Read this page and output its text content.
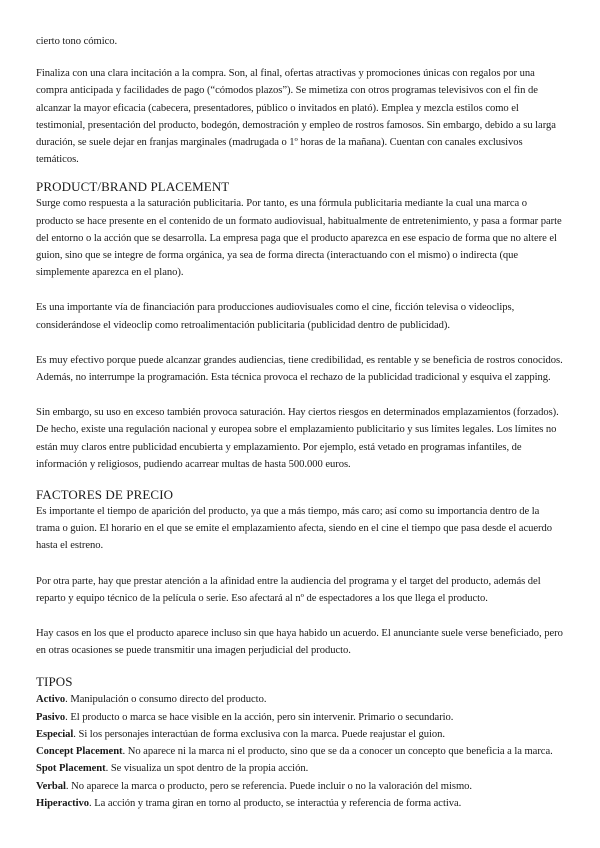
cierto tono cómico.

Finaliza con una clara incitación a la compra. Son, al final, ofertas atractivas y promociones únicas con regalos por una compra anticipada y facilidades de pago (“cómodos plazos”). Se mimetiza con otros programas televisivos con el fin de alcanzar la mayor eficacia (cabecera, presentadores, público o invitados en plató). Emplea y mezcla estilos como el testimonial, presentación del producto, bodegón, demostración y empleo de rostros famosos. Sin embargo, debido a su larga duración, se suele dejar en franjas marginales (madrugada o 1º horas de la mañana). Cuentan con canales exclusivos temáticos.

PRODUCT/BRAND PLACEMENT

Surge como respuesta a la saturación publicitaria. Por tanto, es una fórmula publicitaria mediante la cual una marca o producto se hace presente en el contenido de un formato audiovisual, habitualmente de entretenimiento, y pasa a formar parte del entorno o la acción que se desarrolla. La empresa paga que el producto aparezca en ese espacio de forma que no altere el guion, sino que se integre de forma orgánica, ya sea de forma directa (interactuando con el mismo) o indirecta (que simplemente aparezca en el plano).

Es una importante vía de financiación para producciones audiovisuales como el cine, ficción televisa o videoclips, considerándose el videoclip como retroalimentación publicitaria (publicidad dentro de publicidad).

Es muy efectivo porque puede alcanzar grandes audiencias, tiene credibilidad, es rentable y se beneficia de rostros conocidos. Además, no interrumpe la programación. Esta técnica provoca el rechazo de la publicidad tradicional y esquiva el zapping.

Sin embargo, su uso en exceso también provoca saturación. Hay ciertos riesgos en determinados emplazamientos (forzados). De hecho, existe una regulación nacional y europea sobre el emplazamiento publicitario y sus límites legales. Los límites no están muy claros entre publicidad encubierta y emplazamiento. Por ejemplo, está vetado en programas infantiles, de información y religiosos, pudiendo acarrear multas de hasta 500.000 euros.

FACTORES DE PRECIO

Es importante el tiempo de aparición del producto, ya que a más tiempo, más caro; así como su importancia dentro de la trama o guion. El horario en el que se emite el emplazamiento afecta, siendo en el cine el tiempo que pasa desde el acuerdo hasta el estreno.

Por otra parte, hay que prestar atención a la afinidad entre la audiencia del programa y el target del producto, además del reparto y equipo técnico de la película o serie. Eso afectará al nº de espectadores a los que llega el producto.

Hay casos en los que el producto aparece incluso sin que haya habido un acuerdo. El anunciante suele verse beneficiado, pero en otras ocasiones se puede transmitir una imagen perjudicial del producto.

TIPOS
Activo. Manipulación o consumo directo del producto.
Pasivo. El producto o marca se hace visible en la acción, pero sin intervenir. Primario o secundario.
Especial. Si los personajes interactúan de forma exclusiva con la marca. Puede reajustar el guion.
Concept Placement. No aparece ni la marca ni el producto, sino que se da a conocer un concepto que beneficia a la marca.
Spot Placement. Se visualiza un spot dentro de la propia acción.
Verbal. No aparece la marca o producto, pero se referencia. Puede incluir o no la valoración del mismo.
Hiperactivo. La acción y trama giran en torno al producto, se interactúa y referencia de forma activa.
